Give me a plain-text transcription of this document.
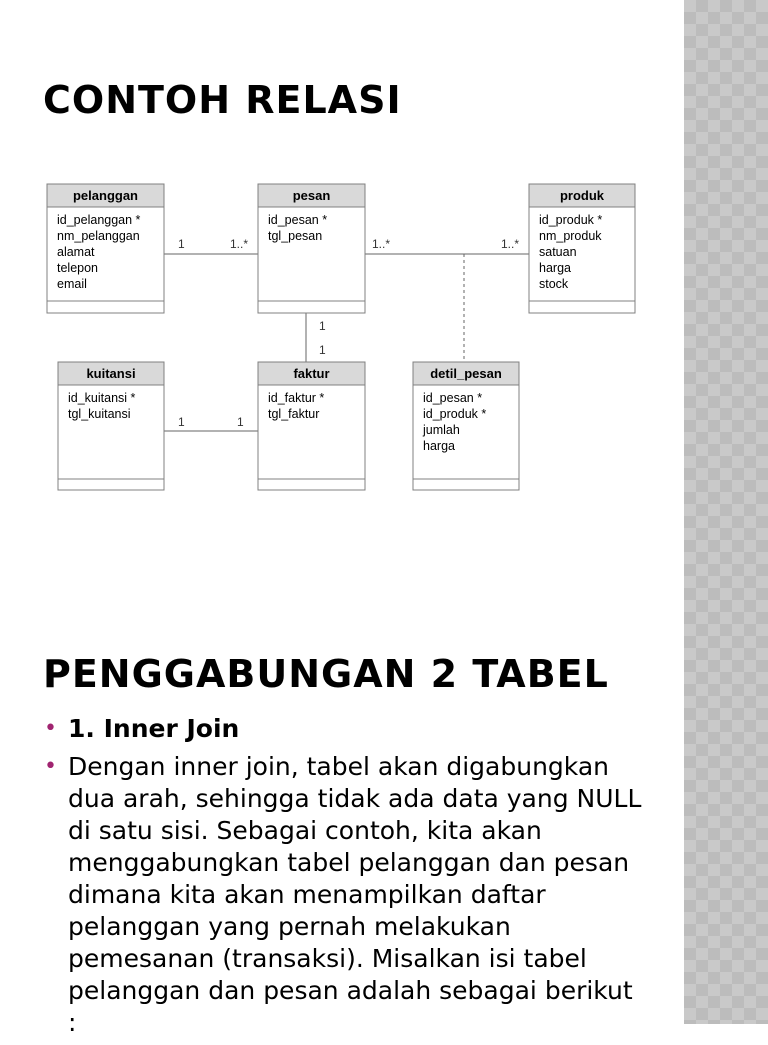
CONTOH RELASI
1	1..*	1..*	1..*
1
1
1	1
pelanggan
id_pelanggan *
nm_pelanggan
alamat
telepon
email
pesan
id_pesan *
tgl_pesan
produk
id_produk *
nm_produk
satuan
harga
stock
kuitansi
id_kuitansi *
tgl_kuitansi
faktur
id_faktur *
tgl_faktur
detil_pesan
id_pesan *
id_produk *
jumlah
harga
PENGGABUNGAN 2 TABEL
• 1. Inner Join
• Dengan inner join, tabel akan digabungkan dua arah, sehingga tidak ada data yang NULL di satu sisi. Sebagai contoh, kita akan menggabungkan tabel pelanggan dan pesan dimana kita akan menampilkan daftar pelanggan yang pernah melakukan pemesanan (transaksi). Misalkan isi tabel pelanggan dan pesan adalah sebagai berikut :
